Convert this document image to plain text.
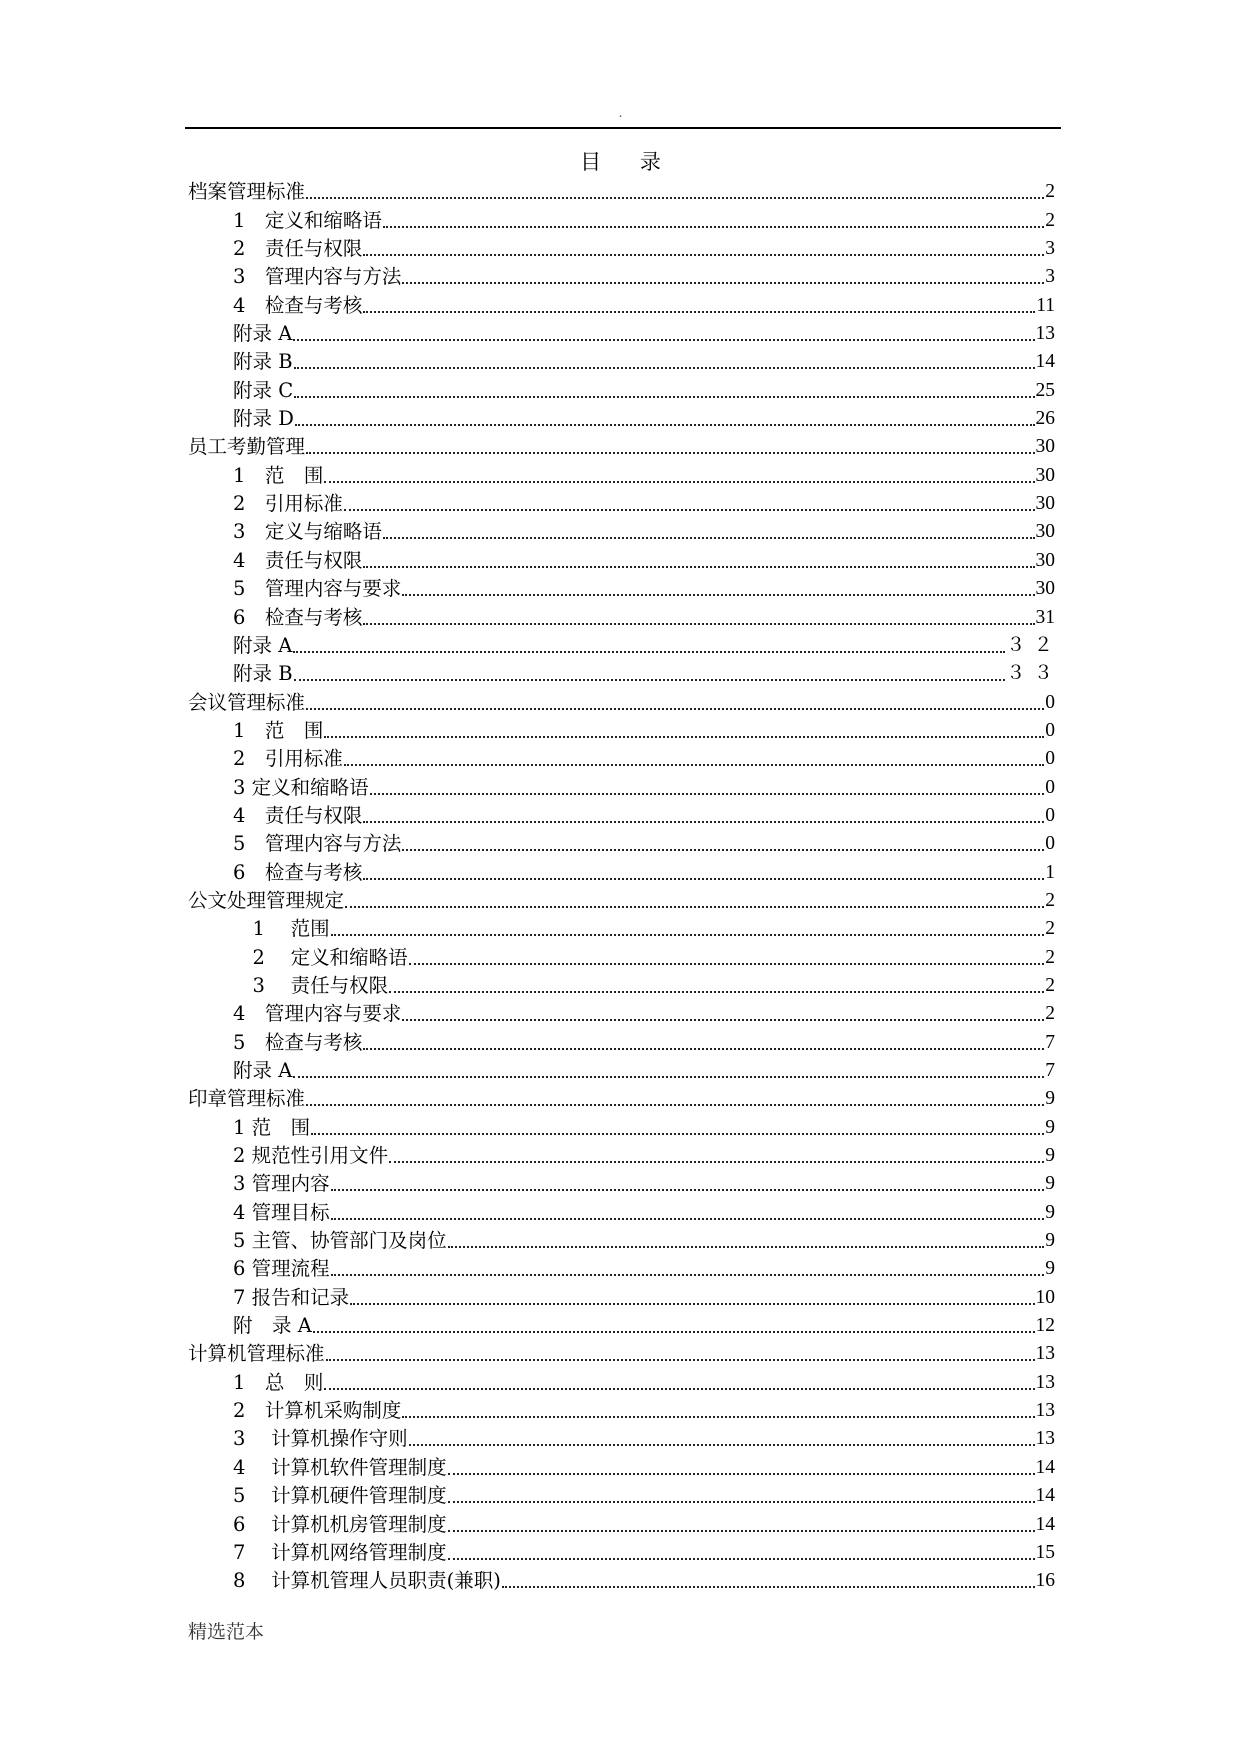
.
目 录
档案管理标准	2
1　定义和缩略语	2
2　责任与权限	3
3　管理内容与方法	3
4　检查与考核	11
附录 A	13
附录 B	14
附录 C	25
附录 D	26
员工考勤管理	30
1　范　围	30
2　引用标准	30
3　定义与缩略语	30
4　责任与权限	30
5　管理内容与要求	30
6　检查与考核	31
附录 A	３２
附录 B	３３
会议管理标准	0
1　范　围	0
2　引用标准	0
3 定义和缩略语	0
4　责任与权限	0
5　管理内容与方法	0
6　检查与考核	1
公文处理管理规定	2
　1　 范围	2
　2　 定义和缩略语	2
　3　 责任与权限	2
4　管理内容与要求	2
5　检查与考核	7
附录 A	7
印章管理标准	9
1 范　围	9
2 规范性引用文件	9
3 管理内容	9
4 管理目标	9
5 主管、协管部门及岗位	9
6 管理流程	9
7 报告和记录	10
附　录 A	12
计算机管理标准	13
1　总　则	13
2　计算机采购制度	13
3　 计算机操作守则	13
4　 计算机软件管理制度	14
5　 计算机硬件管理制度	14
6　 计算机机房管理制度	14
7　 计算机网络管理制度	15
8　 计算机管理人员职责(兼职)	16
精选范本
